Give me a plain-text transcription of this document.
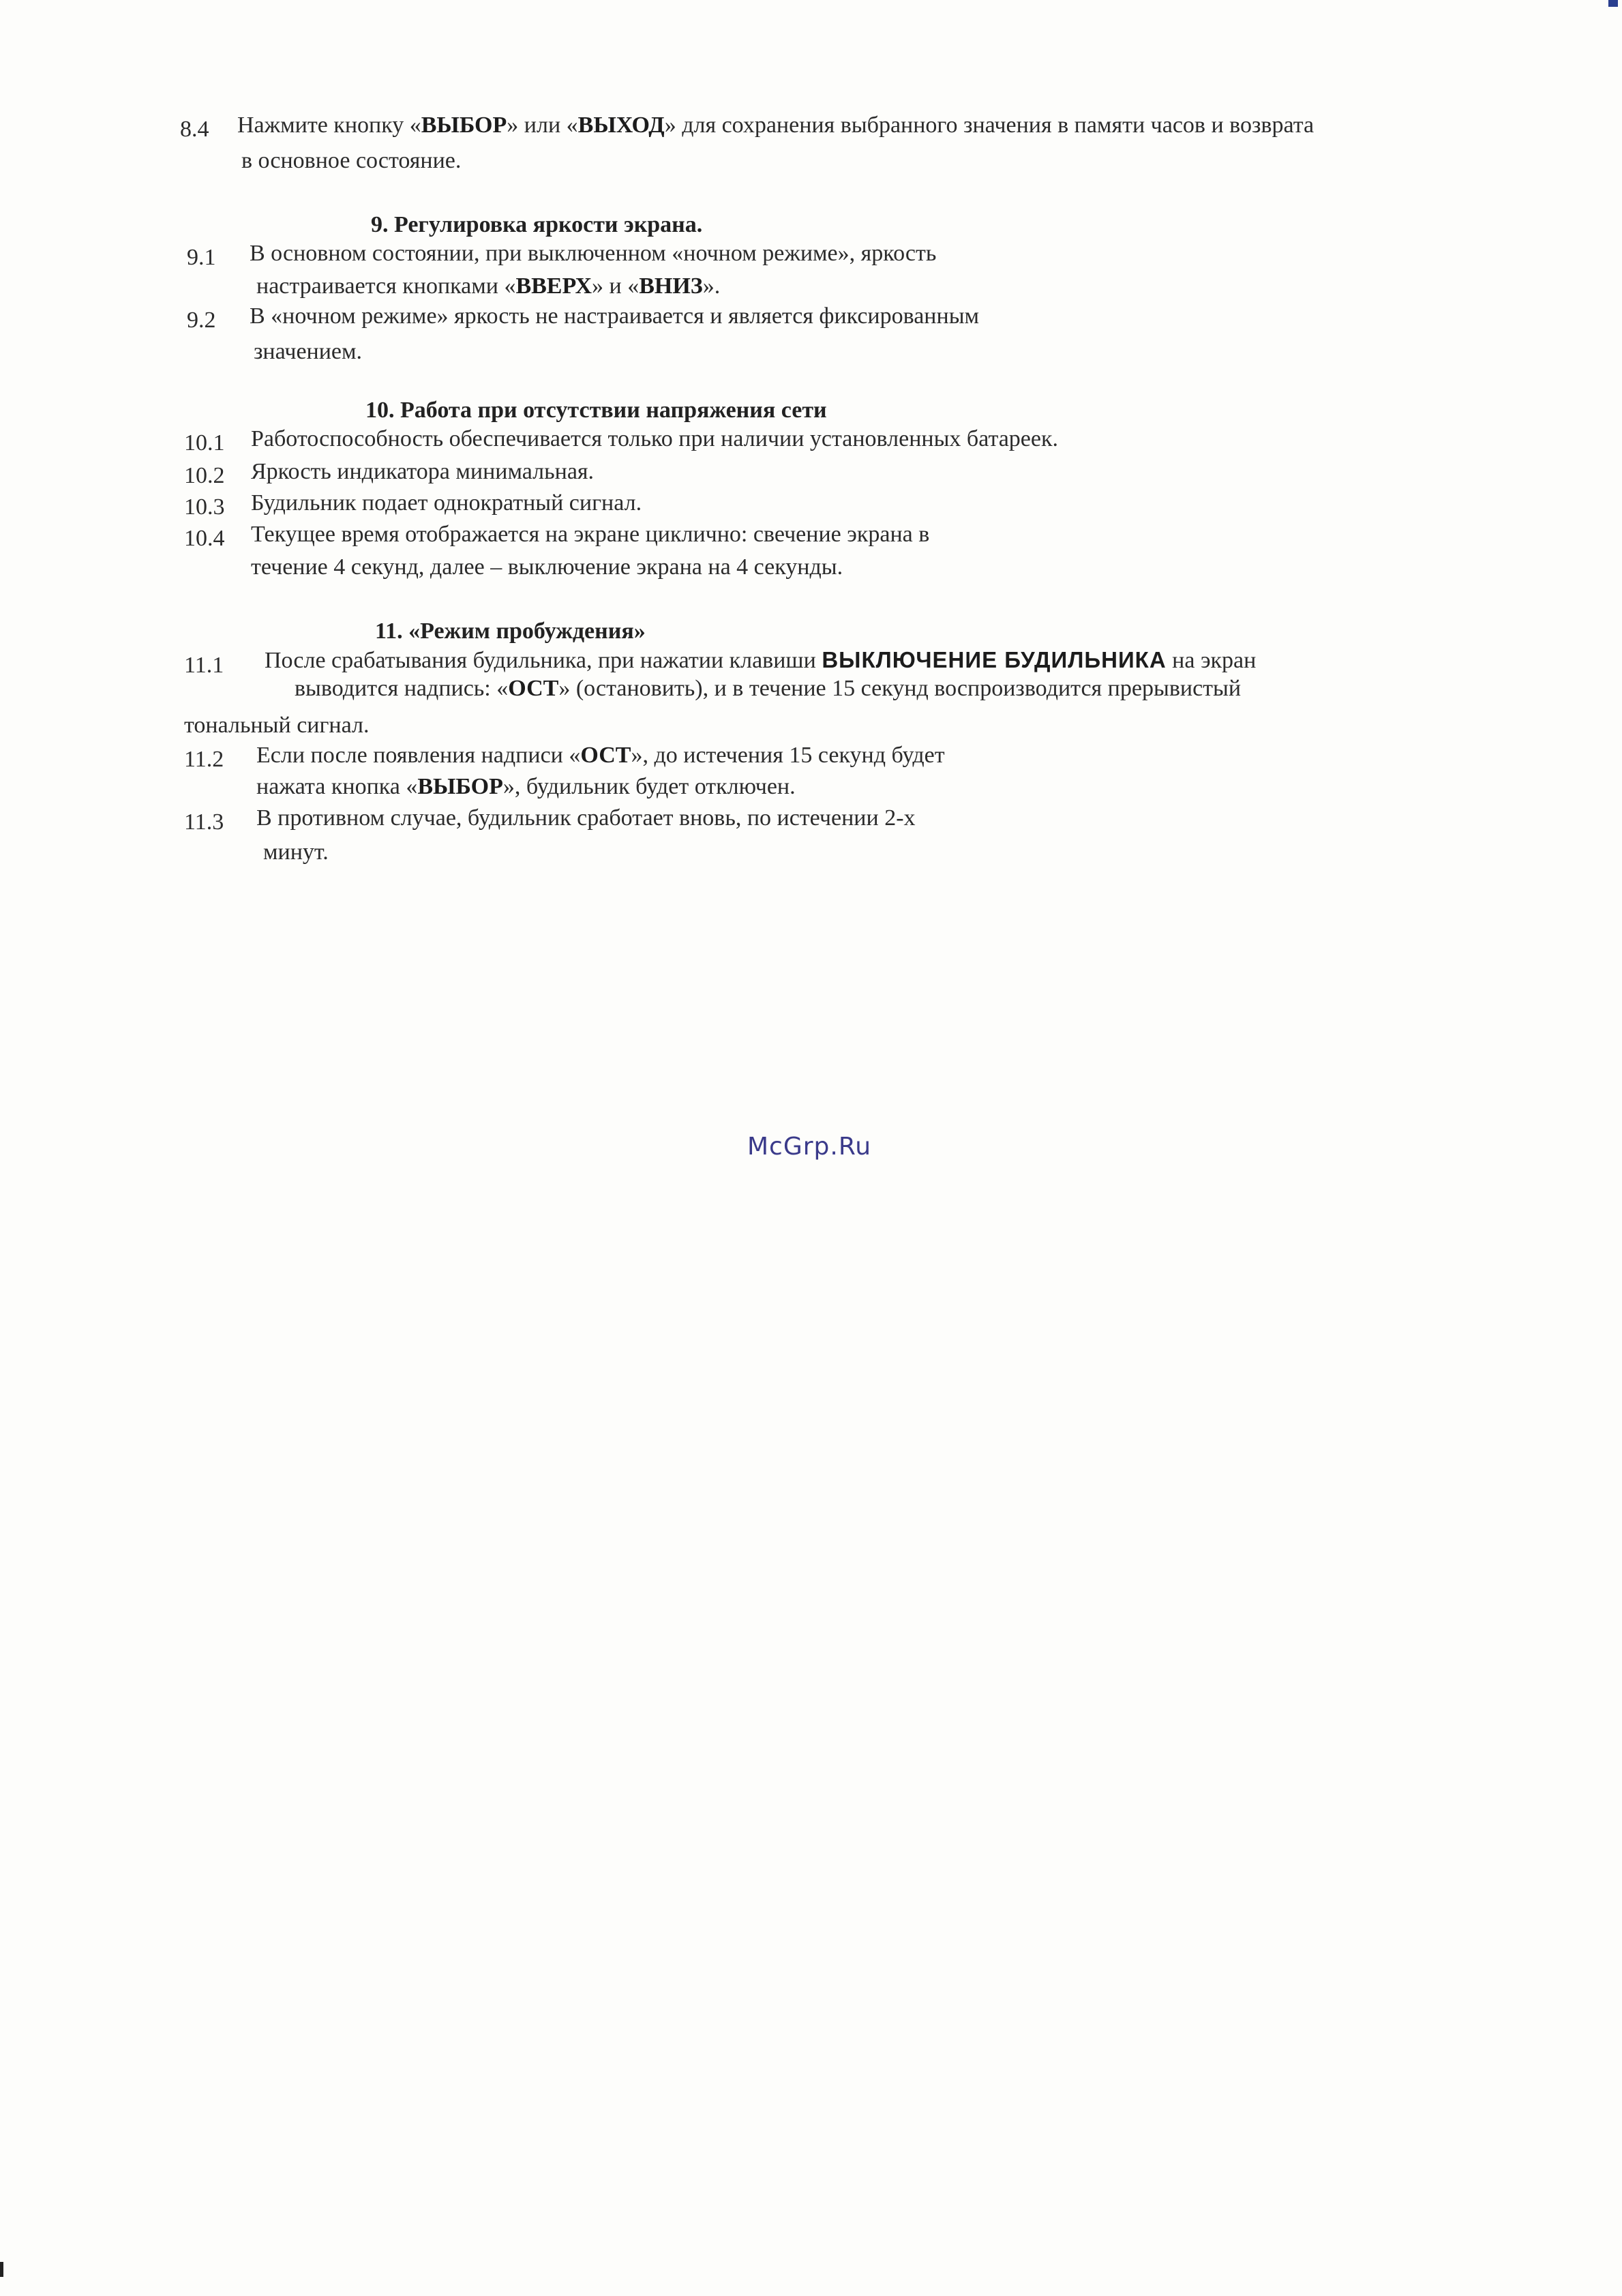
8.4 Нажмите кнопку «ВЫБОР» или «ВЫХОД» для сохранения выбранного значения в памяти часов и возврата
в основное состояние.
9. Регулировка яркости экрана.
9.1 В основном состоянии, при выключенном «ночном режиме», яркость
настраивается кнопками «ВВЕРХ» и «ВНИЗ».
9.2 В «ночном режиме» яркость не настраивается и является фиксированным
значением.
10. Работа при отсутствии напряжения сети
10.1 Работоспособность обеспечивается только при наличии установленных батареек.
10.2 Яркость индикатора минимальная.
10.3 Будильник подает однократный сигнал.
10.4 Текущее время отображается на экране циклично: свечение экрана в
течение 4 секунд, далее – выключение экрана на 4 секунды.
11. «Режим пробуждения»
11.1 После срабатывания будильника, при нажатии клавиши ВЫКЛЮЧЕНИЕ БУДИЛЬНИКА на экран
выводится надпись: «ОСТ» (остановить), и в течение 15 секунд воспроизводится прерывистый
тональный сигнал.
11.2 Если после появления надписи «ОСТ», до истечения 15 секунд будет
нажата кнопка «ВЫБОР», будильник будет отключен.
11.3 В противном случае, будильник сработает вновь, по истечении 2-х
минут.
McGrp.Ru
